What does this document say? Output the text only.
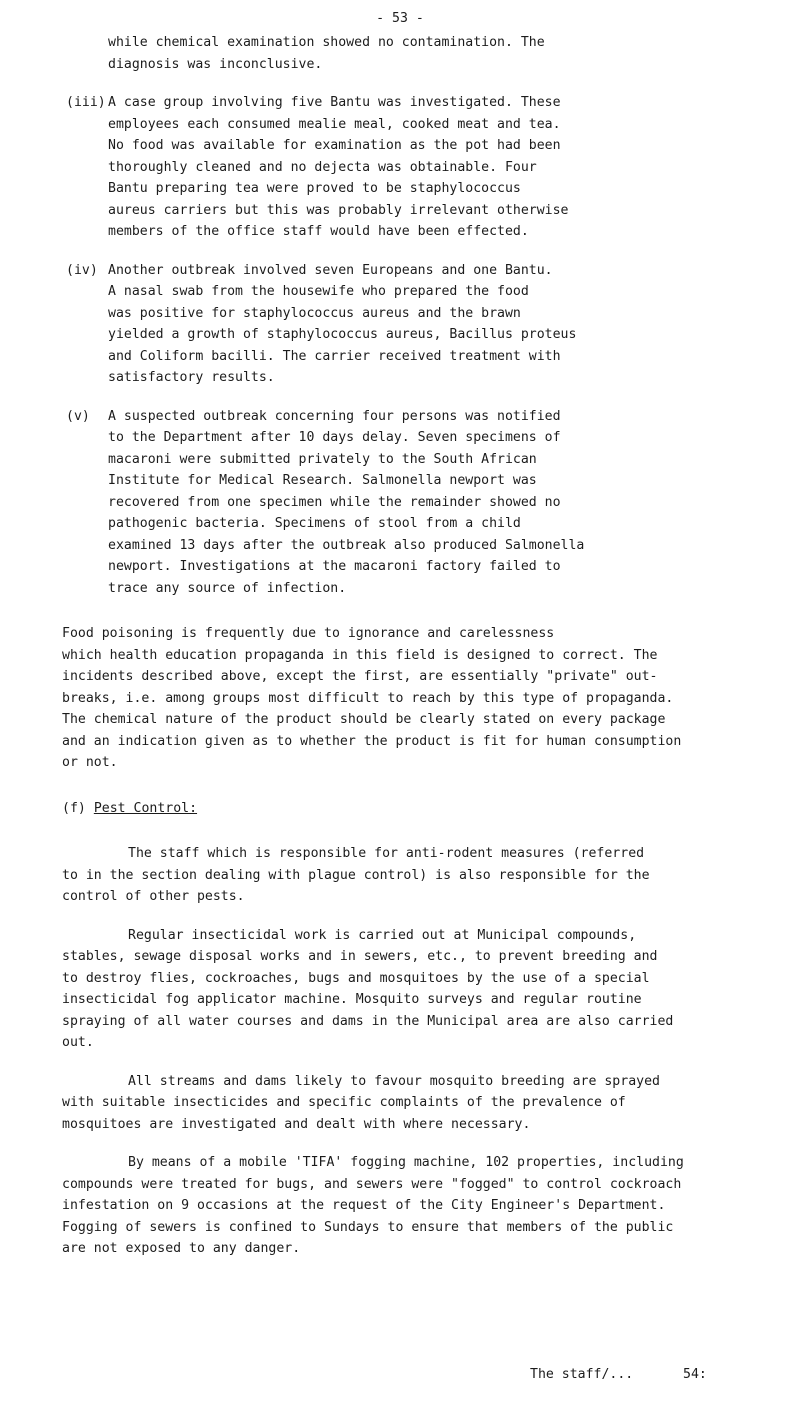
- 53 -

while chemical examination showed no contamination. The
diagnosis was inconclusive.

(iii) A case group involving five Bantu was investigated. These
employees each consumed mealie meal, cooked meat and tea.
No food was available for examination as the pot had been
thoroughly cleaned and no dejecta was obtainable. Four
Bantu preparing tea were proved to be staphylococcus
aureus carriers but this was probably irrelevant otherwise
members of the office staff would have been effected.

(iv) Another outbreak involved seven Europeans and one Bantu.
A nasal swab from the housewife who prepared the food
was positive for staphylococcus aureus and the brawn
yielded a growth of staphylococcus aureus, Bacillus proteus
and Coliform bacilli. The carrier received treatment with
satisfactory results.

(v)	A suspected outbreak concerning four persons was notified
to the Department after 10 days delay. Seven specimens of
macaroni were submitted privately to the South African
Institute for Medical Research. Salmonella newport was
recovered from one specimen while the remainder showed no
pathogenic bacteria. Specimens of stool from a child
examined 13 days after the outbreak also produced Salmonella
newport. Investigations at the macaroni factory failed to
trace any source of infection.

Food poisoning is frequently due to ignorance and carelessness
which health education propaganda in this field is designed to correct. The
incidents described above, except the first, are essentially "private" out-
breaks, i.e. among groups most difficult to reach by this type of propaganda.
The chemical nature of the product should be clearly stated on every package
and an indication given as to whether the product is fit for human consumption
or not.

(f) Pest Control:

The staff which is responsible for anti-rodent measures (referred
to in the section dealing with plague control) is also responsible for the
control of other pests.

Regular insecticidal work is carried out at Municipal compounds,
stables, sewage disposal works and in sewers, etc., to prevent breeding and
to destroy flies, cockroaches, bugs and mosquitoes by the use of a special
insecticidal fog applicator machine. Mosquito surveys and regular routine
spraying of all water courses and dams in the Municipal area are also carried
out.

All streams and dams likely to favour mosquito breeding are sprayed
with suitable insecticides and specific complaints of the prevalence of
mosquitoes are investigated and dealt with where necessary.

By means of a mobile 'TIFA' fogging machine, 102 properties, including
compounds were treated for bugs, and sewers were "fogged" to control cockroach
infestation on 9 occasions at the request of the City Engineer's Department.
Fogging of sewers is confined to Sundays to ensure that members of the public
are not exposed to any danger.

The staff/...	54:
